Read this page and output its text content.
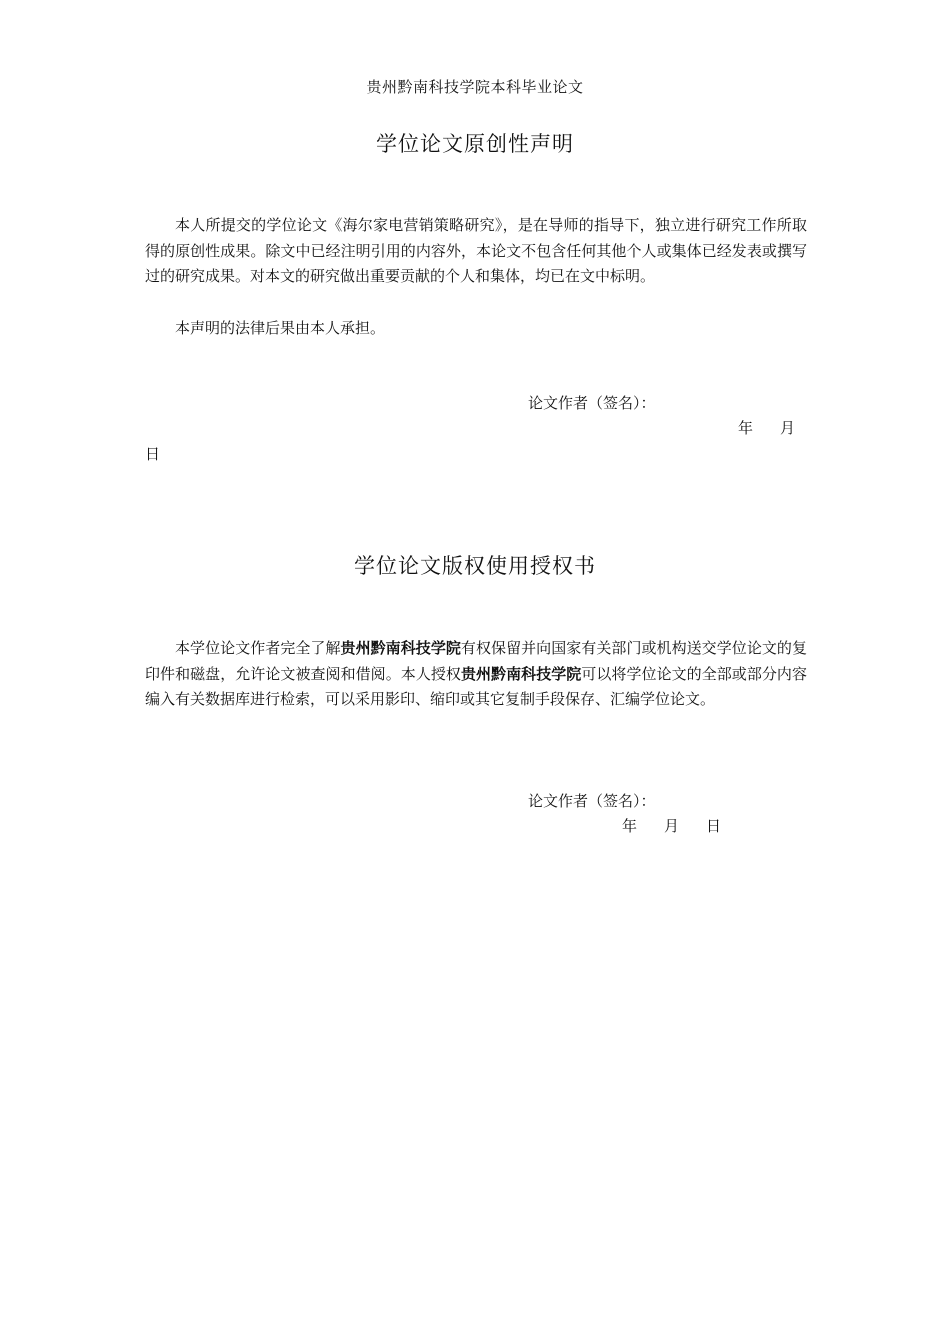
贵州黔南科技学院本科毕业论文
学位论文原创性声明
本人所提交的学位论文《海尔家电营销策略研究》，是在导师的指导下，独立进行研究工作所取得的原创性成果。除文中已经注明引用的内容外，本论文不包含任何其他个人或集体已经发表或撰写过的研究成果。对本文的研究做出重要贡献的个人和集体，均已在文中标明。
本声明的法律后果由本人承担。
论文作者（签名）：
年 月
日
学位论文版权使用授权书
本学位论文作者完全了解贵州黔南科技学院有权保留并向国家有关部门或机构送交学位论文的复印件和磁盘，允许论文被查阅和借阅。本人授权贵州黔南科技学院可以将学位论文的全部或部分内容编入有关数据库进行检索，可以采用影印、缩印或其它复制手段保存、汇编学位论文。
论文作者（签名）：
年 月 日
